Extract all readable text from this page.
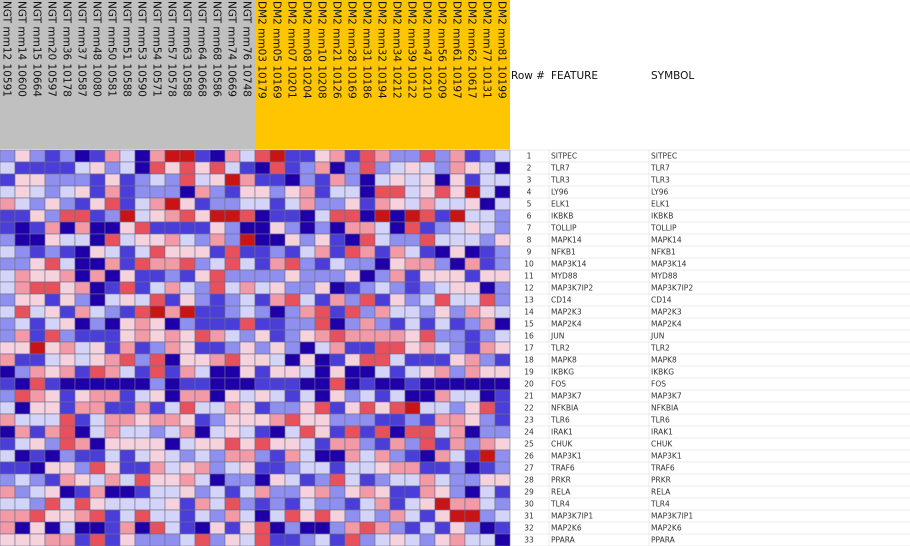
NGT mm12 10591 NGT mm14 10600 NGT mm15 10664 NGT mm20 10597 NGT mm36 10178 NGT mm37 10587 NGT mm48 10080 NGT mm50 10581 NGT mm51 10588 NGT mm53 10590 NGT mm54 10571 NGT mm57 10578 NGT mm63 10588 NGT mm64 10668 NGT mm68 10586 NGT mm74 10669 NGT mm76 10748 DM2 mm03 10179 DM2 mm05 10169 DM2 mm07 10201 DM2 mm08 10204 DM2 mm10 10208 DM2 mm21 10126 DM2 mm28 10169 DM2 mm31 10186 DM2 mm32 10194 DM2 mm34 10212 DM2 mm39 10122 DM2 mm47 10210 DM2 mm56 10209 DM2 mm61 10197 DM2 mm62 10617 DM2 mm77 10131 DM2 mm81 10199 Row # FEATURE	SYMBOL
1	SITPEC	SITPEC
2	TLR7	TLR7
3	TLR3	TLR3
4	LY96	LY96
5	ELK1	ELK1
6	IKBKB	IKBKB
7	TOLLIP	TOLLIP
8	MAPK14	MAPK14
9	NFKB1	NFKB1
10 MAP3K14	MAP3K14
11 MYD88	MYD88
12 MAP3K7IP2	MAP3K7IP2
13 CD14	CD14
14 MAP2K3	MAP2K3
15 MAP2K4	MAP2K4
16 JUN	JUN
17 TLR2	TLR2
18 MAPK8	MAPK8
19 IKBKG	IKBKG
20 FOS	FOS
21 MAP3K7	MAP3K7
22 NFKBIA	NFKBIA
23 TLR6	TLR6
24 IRAK1	IRAK1
25 CHUK	CHUK
26 MAP3K1	MAP3K1
27 TRAF6	TRAF6
28 PRKR	PRKR
29 RELA	RELA
30 TLR4	TLR4
31 MAP3K7IP1	MAP3K7IP1
32 MAP2K6	MAP2K6
33 PPARA	PPARA
